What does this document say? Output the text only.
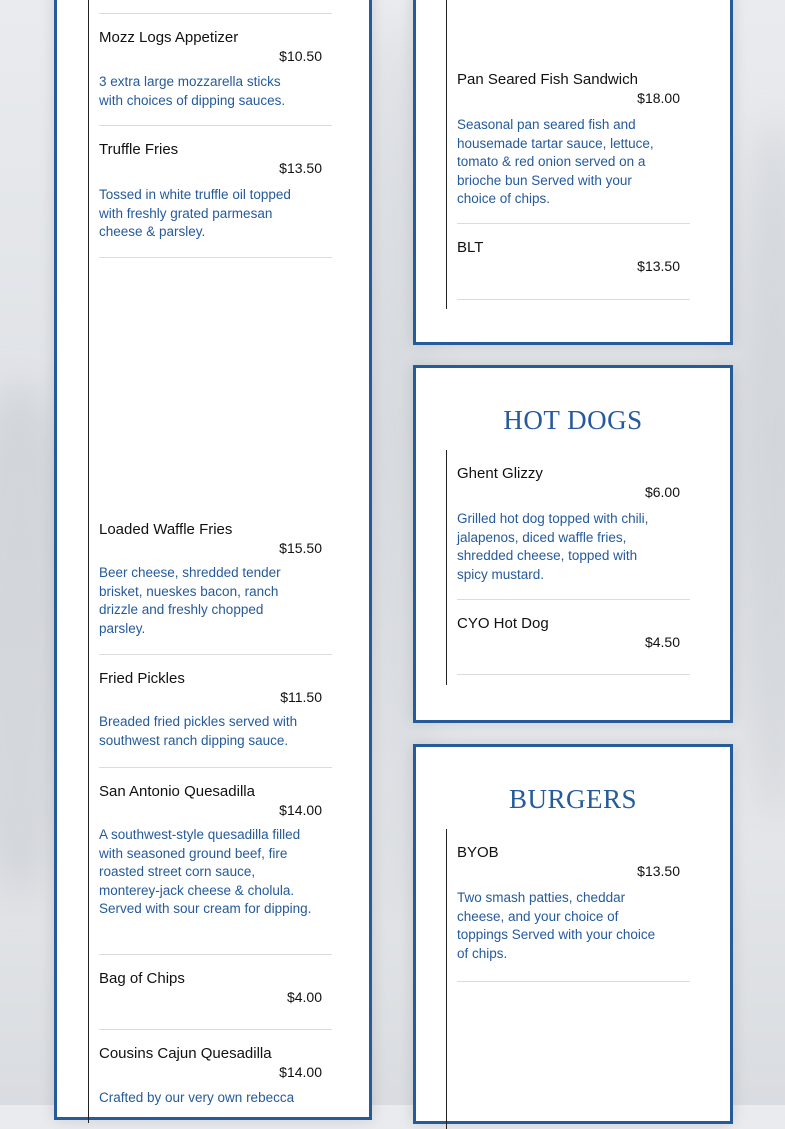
Mozz Logs Appetizer
$10.50
3 extra large mozzarella sticks with choices of dipping sauces.
Truffle Fries
$13.50
Tossed in white truffle oil topped with freshly grated parmesan cheese & parsley.
Loaded Waffle Fries
$15.50
Beer cheese, shredded tender brisket, nueskes bacon, ranch drizzle and freshly chopped parsley.
Fried Pickles
$11.50
Breaded fried pickles served with southwest ranch dipping sauce.
San Antonio Quesadilla
$14.00
A southwest-style quesadilla filled with seasoned ground beef, fire roasted street corn sauce, monterey-jack cheese & cholula. Served with sour cream for dipping.
Bag of Chips
$4.00
Cousins Cajun Quesadilla
$14.00
Crafted by our very own rebecca
Pan Seared Fish Sandwich
$18.00
Seasonal pan seared fish and housemade tartar sauce, lettuce, tomato & red onion served on a brioche bun Served with your choice of chips.
BLT
$13.50
HOT DOGS
Ghent Glizzy
$6.00
Grilled hot dog topped with chili, jalapenos, diced waffle fries, shredded cheese, topped with spicy mustard.
CYO Hot Dog
$4.50
BURGERS
BYOB
$13.50
Two smash patties, cheddar cheese, and your choice of toppings Served with your choice of chips.
